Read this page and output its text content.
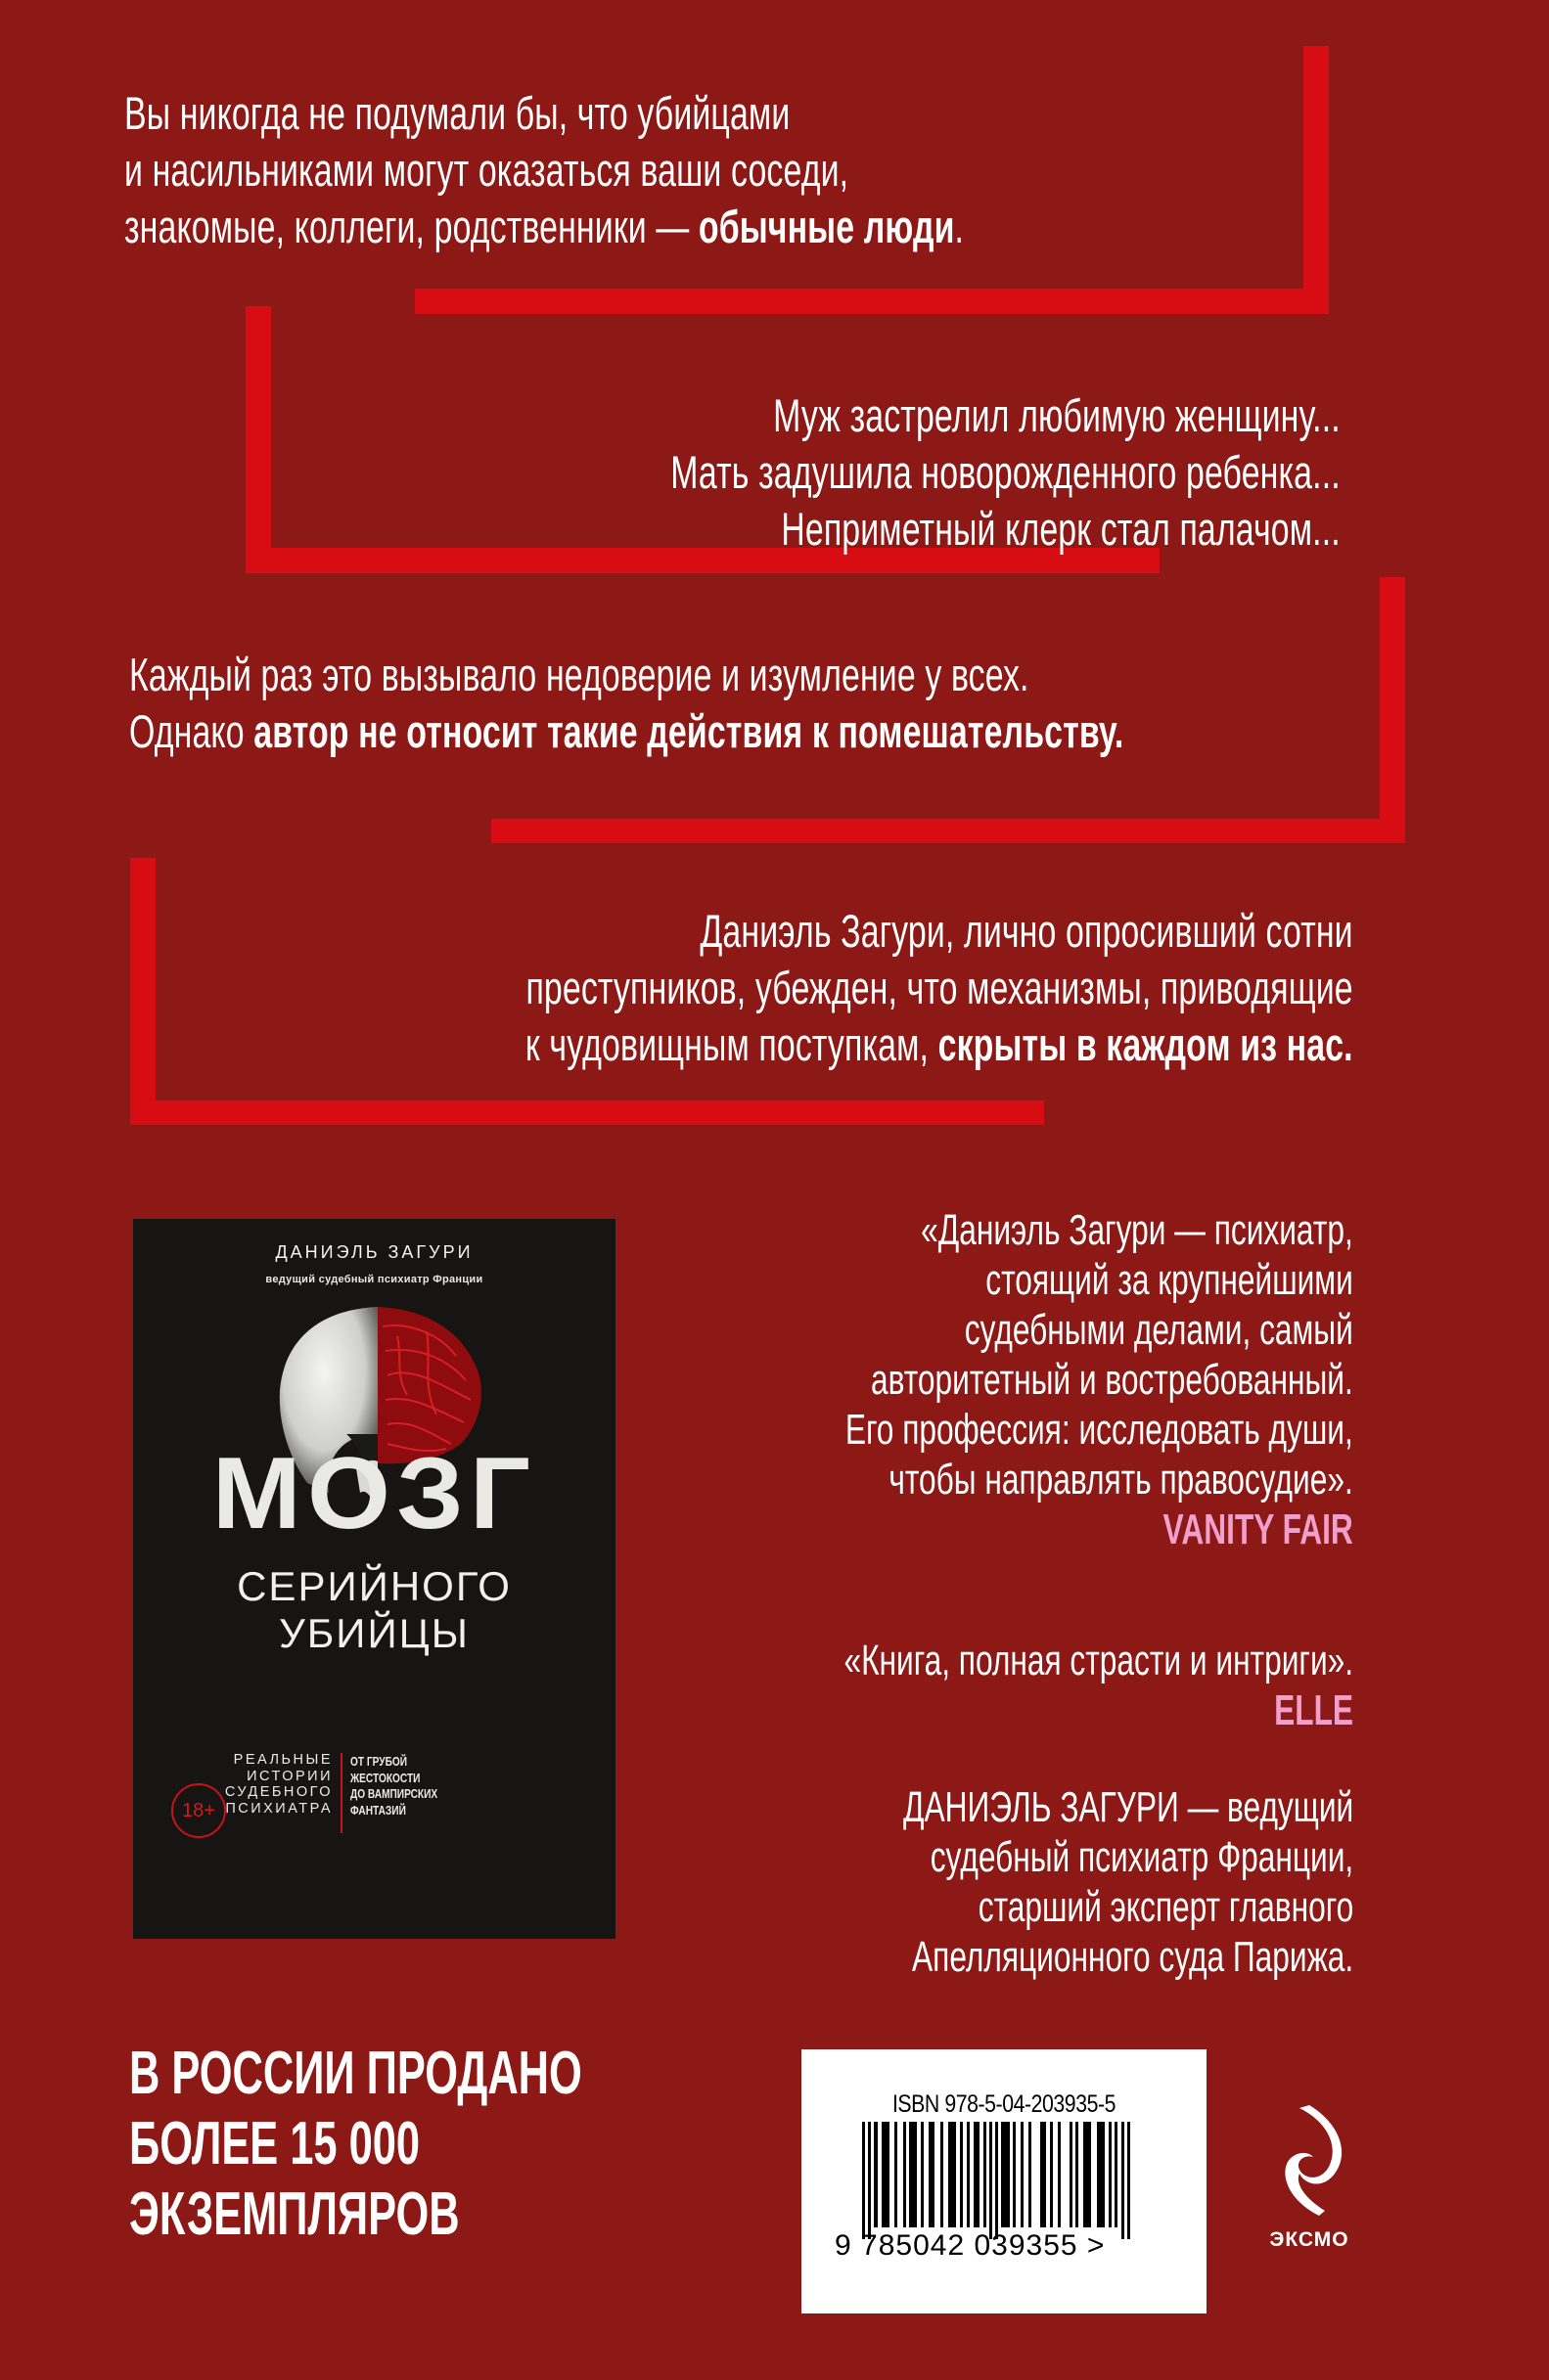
Вы никогда не подумали бы, что убийцами
и насильниками могут оказаться ваши соседи,
знакомые, коллеги, родственники — обычные люди.
Муж застрелил любимую женщину...
Мать задушила новорожденного ребенка...
Неприметный клерк стал палачом...
Каждый раз это вызывало недоверие и изумление у всех.
Однако автор не относит такие действия к помешательству.
Даниэль Загури, лично опросивший сотни
преступников, убежден, что механизмы, приводящие
к чудовищным поступкам, скрыты в каждом из нас.
ДАНИЭЛЬ ЗАГУРИ
ведущий судебный психиатр Франции
МОЗГ
СЕРИЙНОГО
УБИЙЦЫ
18+
РЕАЛЬНЫЕ
ИСТОРИИ
СУДЕБНОГО
ПСИХИАТРА
ОТ ГРУБОЙ
ЖЕСТОКОСТИ
ДО ВАМПИРСКИХ
ФАНТАЗИЙ
«Даниэль Загури — психиатр,
стоящий за крупнейшими
судебными делами, самый
авторитетный и востребованный.
Его профессия: исследовать души,
чтобы направлять правосудие».
VANITY FAIR
«Книга, полная страсти и интриги».
ELLE
ДАНИЭЛЬ ЗАГУРИ — ведущий
судебный психиатр Франции,
старший эксперт главного
Апелляционного суда Парижа.
В РОССИИ ПРОДАНО
БОЛЕЕ 15 000
ЭКЗЕМПЛЯРОВ
ISBN 978-5-04-203935-5
9 785042 039355 >	ЭКСМО
